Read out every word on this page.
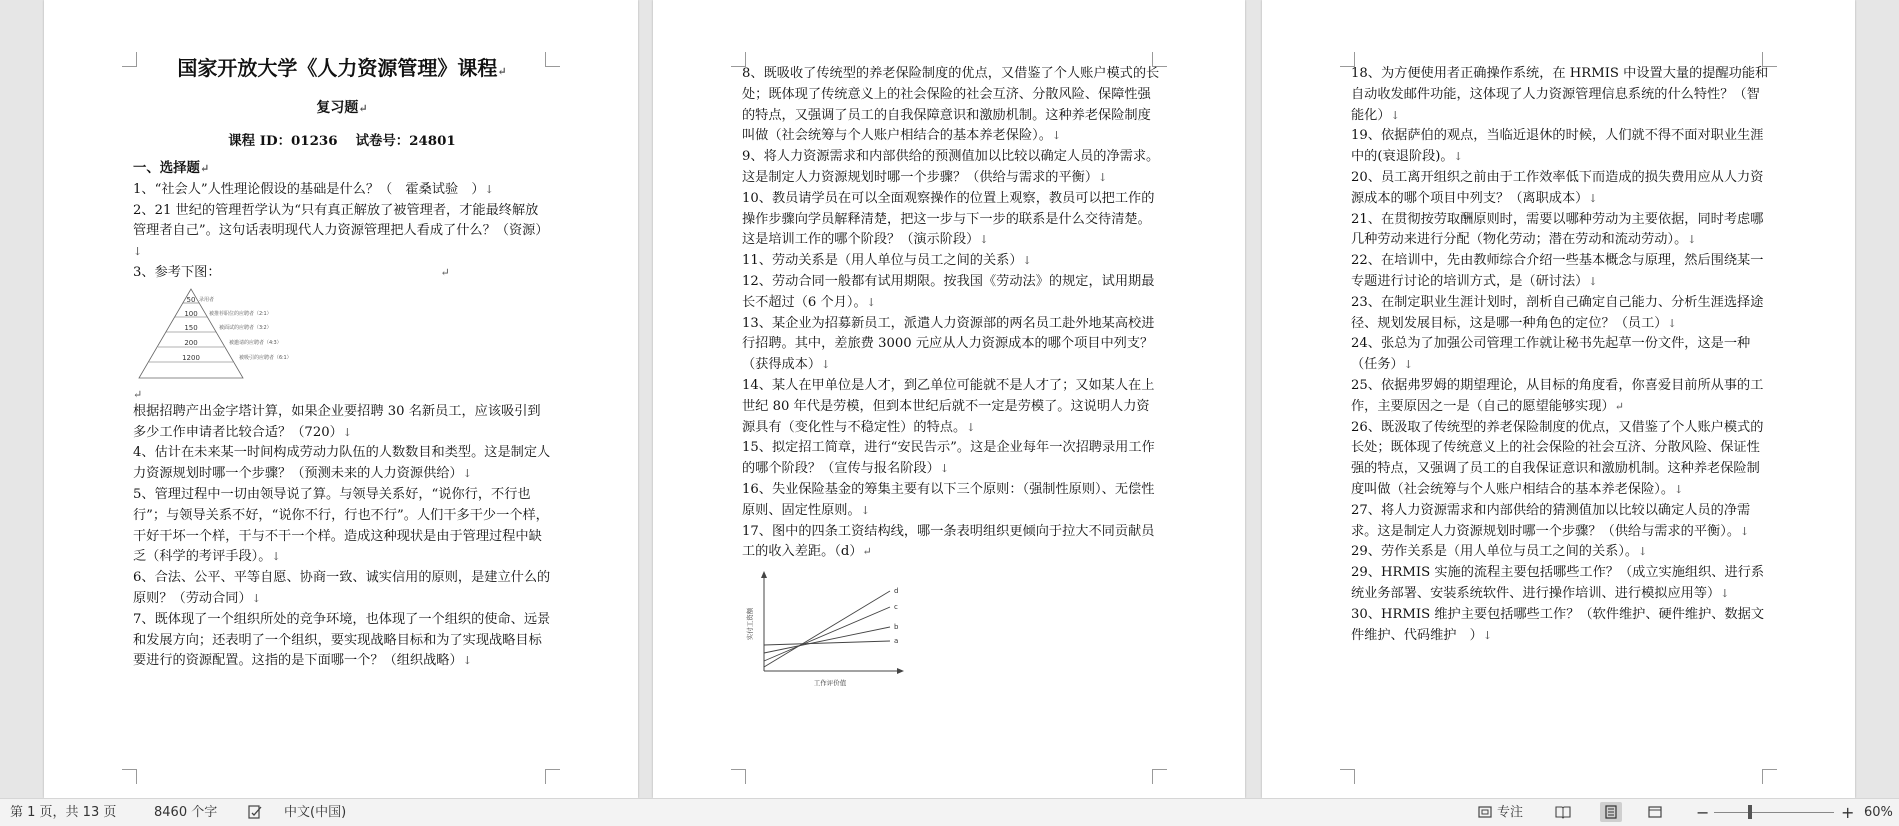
国家开放大学《人力资源管理》课程↵

复习题↵

课程 ID：01236 　试卷号：24801

一、选择题↵

1、“社会人”人性理论假设的基础是什么？（　霍桑试验　）↓

2、21 世纪的管理哲学认为“只有真正解放了被管理者，才能最终解放管理者自己”。这句话表明现代人力资源管理把人看成了什么？（资源）↓

3、参考下图：	↵

50
100
150
200
1200
录用者
被推荐职位的应聘者（2∶1）
被面试的应聘者（3∶2）
被邀请的应聘者（4∶3）
被吸引的应聘者（6∶1）

↵

根据招聘产出金字塔计算，如果企业要招聘 30 名新员工，应该吸引到多少工作申请者比较合适？（720）↓

4、估计在未来某一时间构成劳动力队伍的人数数目和类型。这是制定人力资源规划时哪一个步骤？（预测未来的人力资源供给）↓

5、管理过程中一切由领导说了算。与领导关系好，“说你行，不行也行”；与领导关系不好，“说你不行，行也不行”。人们干多干少一个样，干好干坏一个样，干与不干一个样。造成这种现状是由于管理过程中缺乏（科学的考评手段）。↓

6、合法、公平、平等自愿、协商一致、诚实信用的原则，是建立什么的原则？（劳动合同）↓

7、既体现了一个组织所处的竞争环境，也体现了一个组织的使命、远景和发展方向；还表明了一个组织，要实现战略目标和为了实现战略目标要进行的资源配置。这指的是下面哪一个？（组织战略）↓

8、既吸收了传统型的养老保险制度的优点，又借鉴了个人账户模式的长处；既体现了传统意义上的社会保险的社会互济、分散风险、保障性强的特点，又强调了员工的自我保障意识和激励机制。这种养老保险制度叫做（社会统筹与个人账户相结合的基本养老保险）。↓

9、将人力资源需求和内部供给的预测值加以比较以确定人员的净需求。这是制定人力资源规划时哪一个步骤？（供给与需求的平衡）↓

10、教员请学员在可以全面观察操作的位置上观察，教员可以把工作的操作步骤向学员解释清楚，把这一步与下一步的联系是什么交待清楚。这是培训工作的哪个阶段？（演示阶段）↓

11、劳动关系是（用人单位与员工之间的关系）↓

12、劳动合同一般都有试用期限。按我国《劳动法》的规定，试用期最长不超过（6 个月）。↓

13、某企业为招募新员工，派遣人力资源部的两名员工赴外地某高校进行招聘。其中，差旅费 3000 元应从人力资源成本的哪个项目中列支？（获得成本）↓

14、某人在甲单位是人才，到乙单位可能就不是人才了；又如某人在上世纪 80 年代是劳模，但到本世纪后就不一定是劳模了。这说明人力资源具有（变化性与不稳定性）的特点。↓

15、拟定招工简章，进行“安民告示”。这是企业每年一次招聘录用工作的哪个阶段？（宣传与报名阶段）↓

16、失业保险基金的筹集主要有以下三个原则：（强制性原则）、无偿性原则、固定性原则。↓

17、图中的四条工资结构线，哪一条表明组织更倾向于拉大不同贡献员工的收入差距。（d）↵

d
c
b
a
实付工资额
工作评价值

18、为方便使用者正确操作系统，在 HRMIS 中设置大量的提醒功能和自动收发邮件功能，这体现了人力资源管理信息系统的什么特性？（智能化）↓

19、依据萨伯的观点，当临近退休的时候，人们就不得不面对职业生涯中的(衰退阶段)。↓

20、员工离开组织之前由于工作效率低下而造成的损失费用应从人力资源成本的哪个项目中列支？（离职成本）↓

21、在贯彻按劳取酬原则时，需要以哪种劳动为主要依据，同时考虑哪几种劳动来进行分配（物化劳动；潜在劳动和流动劳动）。↓

22、在培训中，先由教师综合介绍一些基本概念与原理，然后围绕某一专题进行讨论的培训方式，是（研讨法）↓

23、在制定职业生涯计划时，剖析自己确定自己能力、分析生涯选择途径、规划发展目标，这是哪一种角色的定位？（员工）↓

24、张总为了加强公司管理工作就让秘书先起草一份文件，这是一种（任务）↓

25、依据弗罗姆的期望理论，从目标的角度看，你喜爱目前所从事的工作，主要原因之一是（自己的愿望能够实现）↵

26、既汲取了传统型的养老保险制度的优点，又借鉴了个人账户模式的长处；既体现了传统意义上的社会保险的社会互济、分散风险、保证性强的特点，又强调了员工的自我保证意识和激励机制。这种养老保险制度叫做（社会统筹与个人账户相结合的基本养老保险）。↓

27、将人力资源需求和内部供给的猜测值加以比较以确定人员的净需求。这是制定人力资源规划时哪一个步骤？（供给与需求的平衡）。↓

29、劳作关系是（用人单位与员工之间的关系）。↓

29、HRMIS 实施的流程主要包括哪些工作？（成立实施组织、进行系统业务部署、安装系统软件、进行操作培训、进行模拟应用等）↓

30、HRMIS 维护主要包括哪些工作？（软件维护、硬件维护、数据文件维护、代码维护　）↓

第 1 页，共 13 页	8460 个字	中文(中国)	专注	−	+ 60%
